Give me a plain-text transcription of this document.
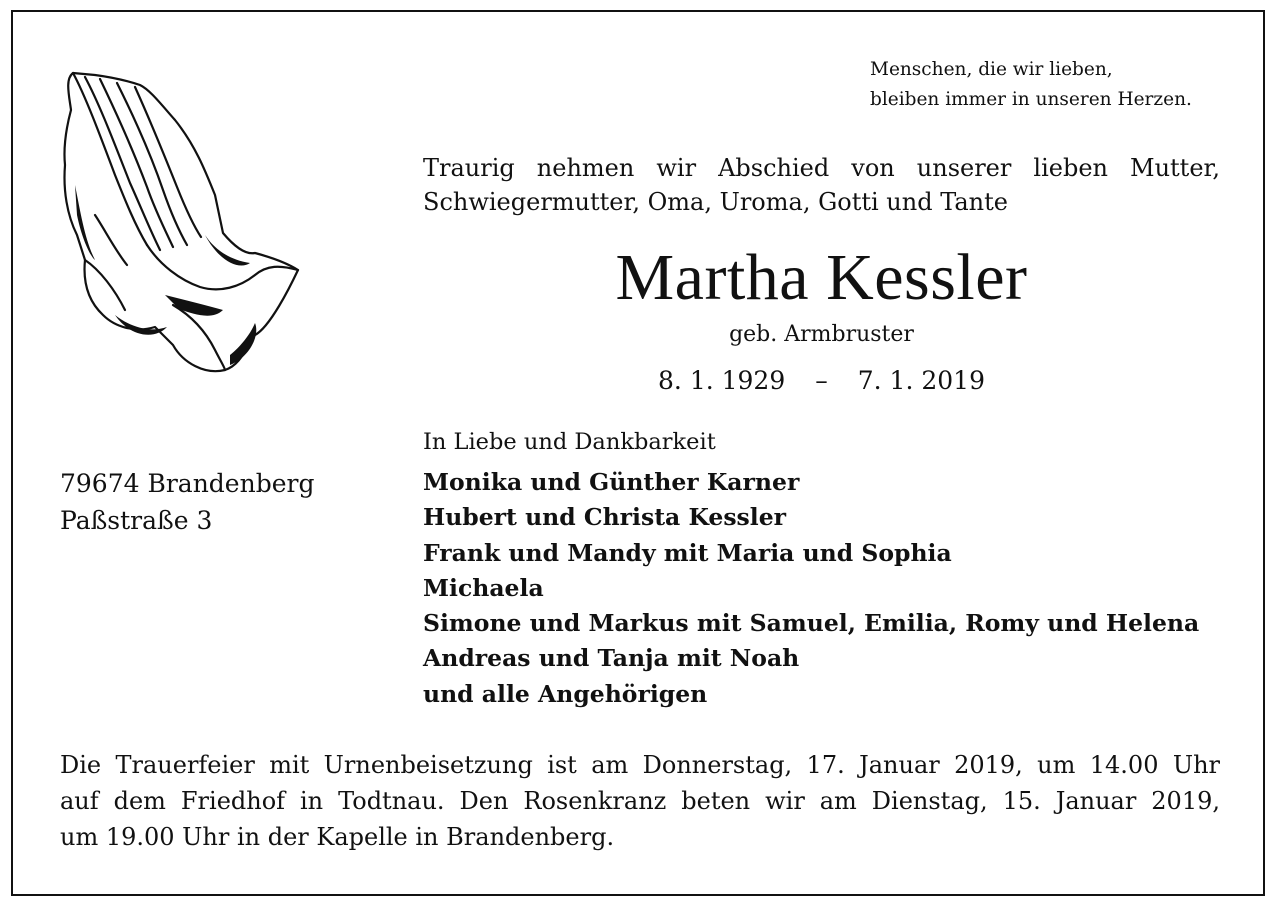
Menschen, die wir lieben,
bleiben immer in unseren Herzen.
Traurig nehmen wir Abschied von unserer lieben Mutter,
Schwiegermutter, Oma, Uroma, Gotti und Tante
Martha Kessler
geb. Armbruster
8. 1. 1929 – 7. 1. 2019
79674 Brandenberg
Paßstraße 3
In Liebe und Dankbarkeit
Monika und Günther Karner
Hubert und Christa Kessler
Frank und Mandy mit Maria und Sophia
Michaela
Simone und Markus mit Samuel, Emilia, Romy und Helena
Andreas und Tanja mit Noah
und alle Angehörigen
Die Trauerfeier mit Urnenbeisetzung ist am Donnerstag, 17. Januar 2019, um 14.00 Uhr
auf dem Friedhof in Todtnau. Den Rosenkranz beten wir am Dienstag, 15. Januar 2019,
um 19.00 Uhr in der Kapelle in Brandenberg.
